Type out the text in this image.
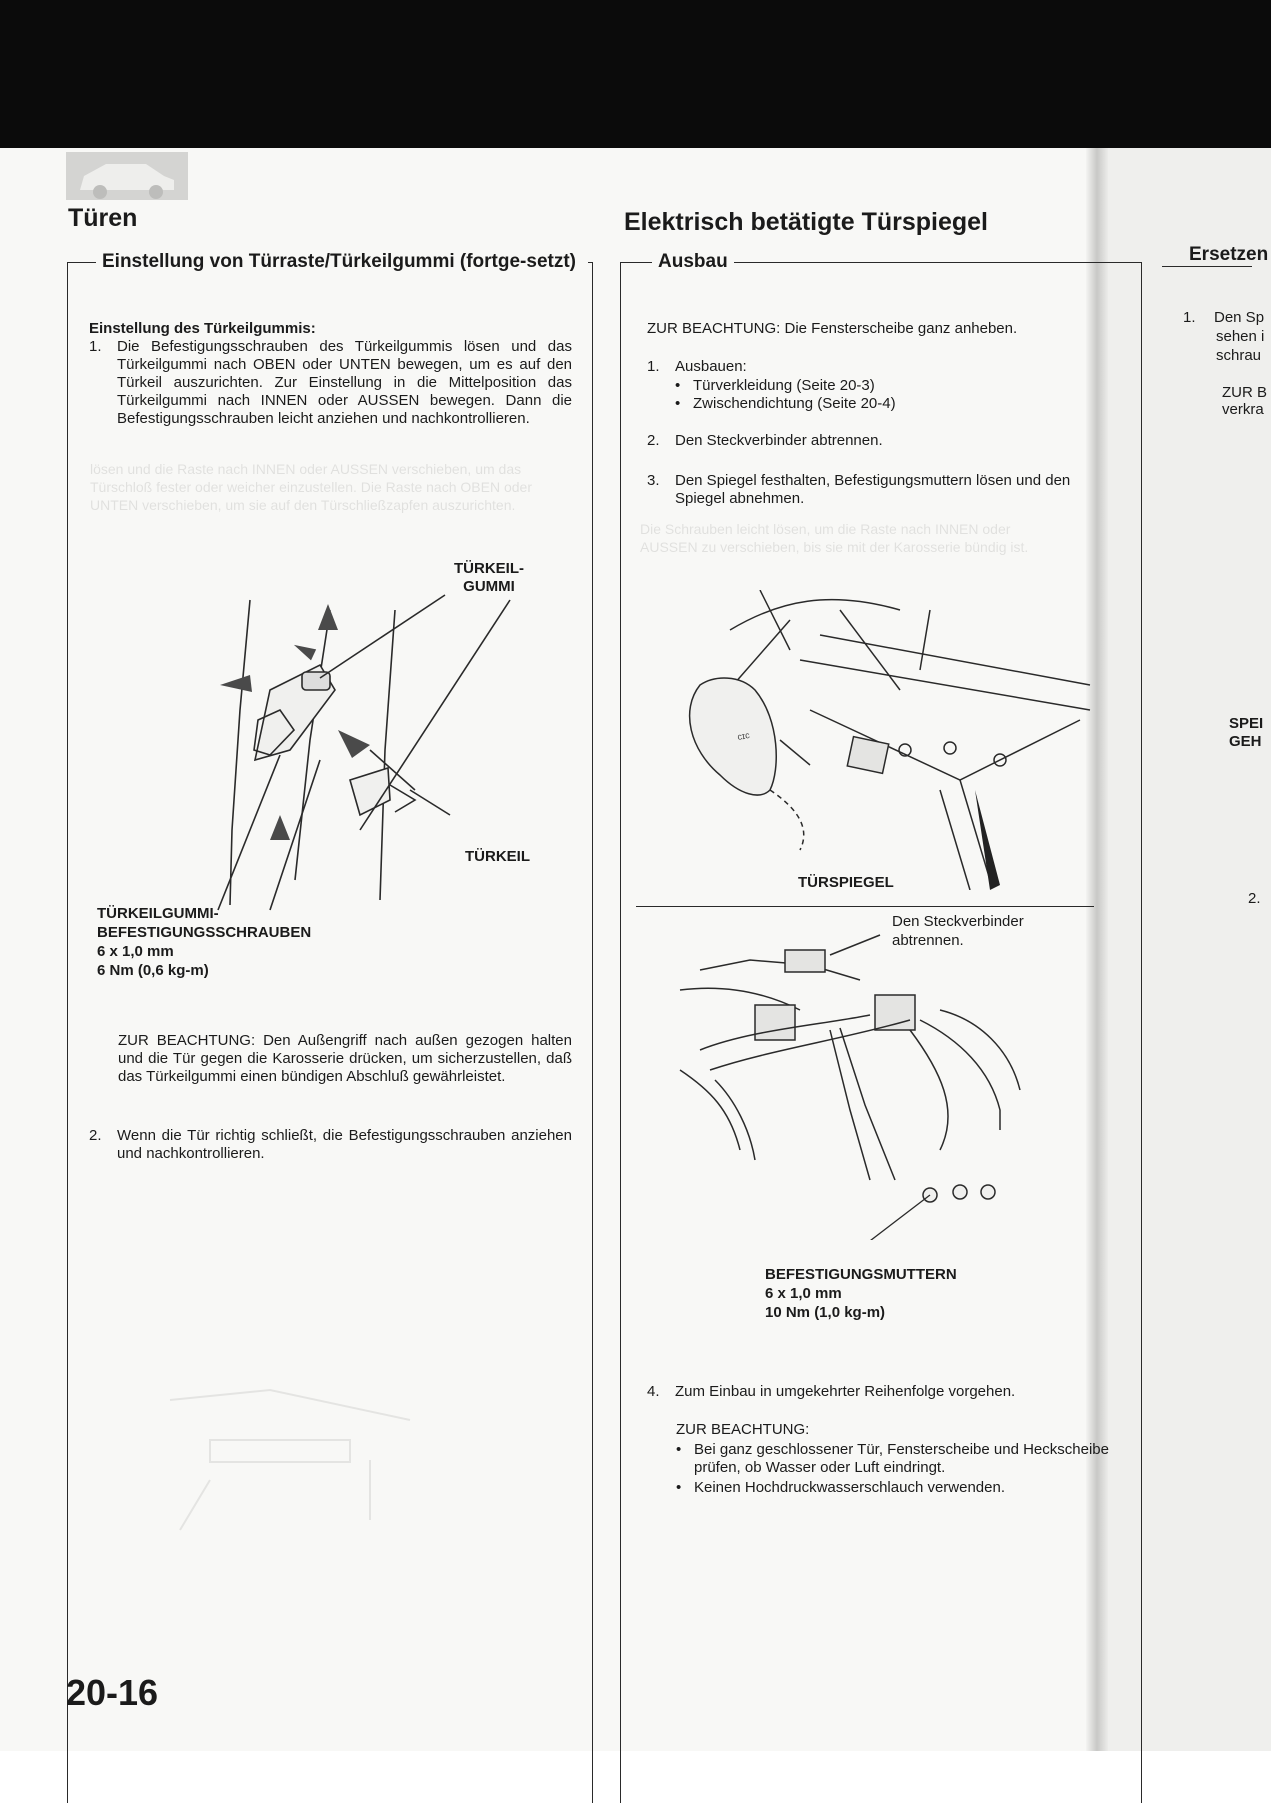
lösen und die Raste nach INNEN oder AUSSEN verschieben, um das Türschloß fester oder weicher einzustellen. Die Raste nach OBEN oder UNTEN verschieben, um sie auf den Türschließzapfen auszurichten.
Die Schrauben leicht lösen, um die Raste nach INNEN oder AUSSEN zu verschieben, bis sie mit der Karosserie bündig ist.
Türen
Einstellung von Türraste/Türkeilgummi (fortge-setzt)
Einstellung des Türkeilgummis:
1.	Die Befestigungsschrauben des Türkeilgummis lösen und das Türkeilgummi nach OBEN oder UNTEN bewegen, um es auf den Türkeil auszurichten. Zur Einstellung in die Mittelposition das Türkeilgummi nach INNEN oder AUSSEN bewegen. Dann die Befestigungsschrauben leicht anziehen und nachkontrollieren.
TÜRKEIL-
GUMMI
TÜRKEIL
TÜRKEILGUMMI-
BEFESTIGUNGSSCHRAUBEN
6 x 1,0 mm
6 Nm (0,6 kg-m)
ZUR BEACHTUNG: Den Außengriff nach außen gezogen halten und die Tür gegen die Karosserie drücken, um sicherzustellen, daß das Türkeilgummi einen bündigen Abschluß gewährleistet.
2.	Wenn die Tür richtig schließt, die Befestigungsschrauben anziehen und nachkontrollieren.
20-16
Elektrisch betätigte Türspiegel
Ausbau
ZUR BEACHTUNG: Die Fensterscheibe ganz anheben.
1.	Ausbauen:
• Türverkleidung (Seite 20-3)
• Zwischendichtung (Seite 20-4)
2.	Den Steckverbinder abtrennen.
3.	Den Spiegel festhalten, Befestigungsmuttern lösen und den Spiegel abnehmen.
ᴄɪᴄ
TÜRSPIEGEL
Den Steckverbinder
abtrennen.
BEFESTIGUNGSMUTTERN
6 x 1,0 mm
10 Nm (1,0 kg-m)
4.	Zum Einbau in umgekehrter Reihenfolge vorgehen.
ZUR BEACHTUNG:
• Bei ganz geschlossener Tür, Fensterscheibe und Heckscheibe prüfen, ob Wasser oder Luft eindringt.
• Keinen Hochdruckwasserschlauch verwenden.
Ersetzen
1. Den Sp
sehen i
schrau
ZUR B
verkra
SPEI
GEH
2.
